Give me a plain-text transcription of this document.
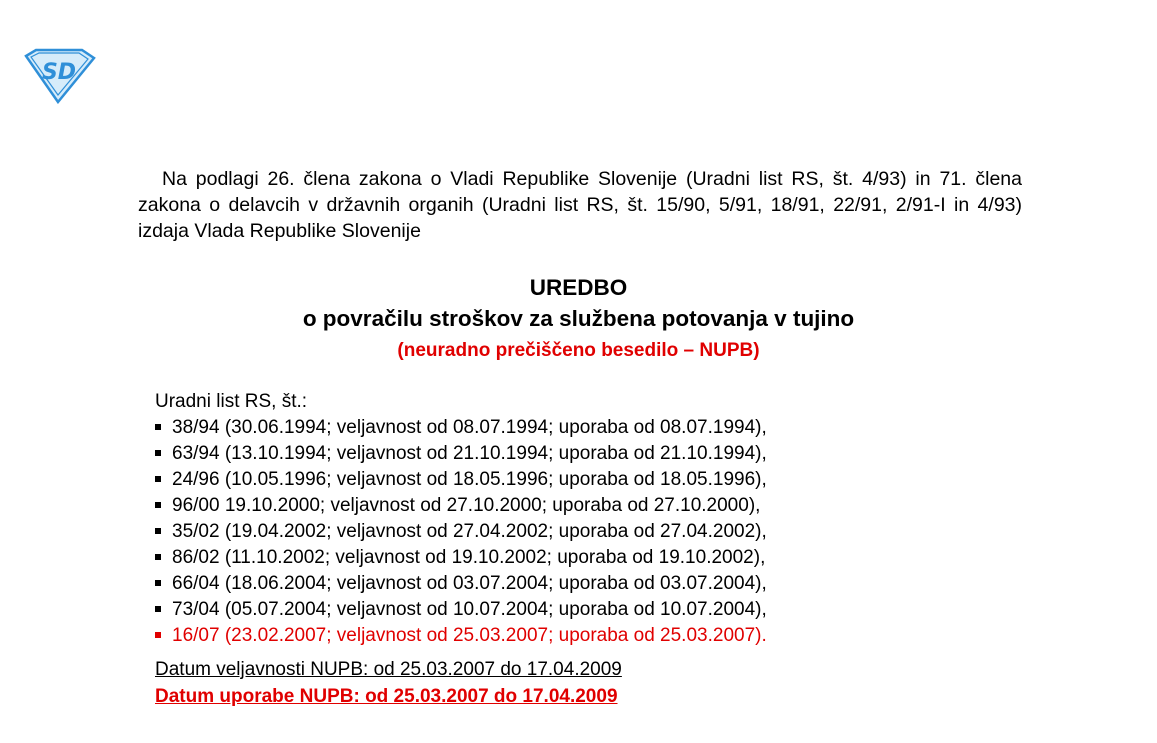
SD

Na podlagi 26. člena zakona o Vladi Republike Slovenije (Uradni list RS, št. 4/93) in 71. člena zakona o delavcih v državnih organih (Uradni list RS, št. 15/90, 5/91, 18/91, 22/91, 2/91-I in 4/93) izdaja Vlada Republike Slovenije

UREDBO
o povračilu stroškov za službena potovanja v tujino
(neuradno prečiščeno besedilo – NUPB)

Uradni list RS, št.:

38/94 (30.06.1994; veljavnost od 08.07.1994; uporaba od 08.07.1994),
63/94 (13.10.1994; veljavnost od 21.10.1994; uporaba od 21.10.1994),
24/96 (10.05.1996; veljavnost od 18.05.1996; uporaba od 18.05.1996),
96/00 19.10.2000; veljavnost od 27.10.2000; uporaba od 27.10.2000),
35/02 (19.04.2002; veljavnost od 27.04.2002; uporaba od 27.04.2002),
86/02 (11.10.2002; veljavnost od 19.10.2002; uporaba od 19.10.2002),
66/04 (18.06.2004; veljavnost od 03.07.2004; uporaba od 03.07.2004),
73/04 (05.07.2004; veljavnost od 10.07.2004; uporaba od 10.07.2004),
16/07 (23.02.2007; veljavnost od 25.03.2007; uporaba od 25.03.2007).

Datum veljavnosti NUPB: od 25.03.2007 do 17.04.2009

Datum uporabe NUPB: od 25.03.2007 do 17.04.2009
